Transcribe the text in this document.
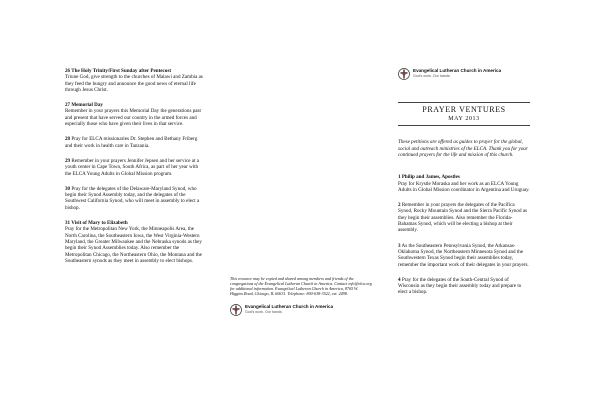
26 The Holy Trinity/First Sunday after Pentecost
Triune God, give strength to the churches of Malawi and Zambia as they feed the hungry and announce the good news of eternal life through Jesus Christ.
27 Memorial Day
Remember in your prayers this Memorial Day the generations past and present that have served our country in the armed forces and especially those who have given their lives in that service.
28 Pray for ELCA missionaries Dr. Stephen and Bethany Friberg and their work in health care in Tanzania.
29 Remember in your prayers Jennifer Jepsen and her service at a youth center in Cape Town, South Africa, as part of her year with the ELCA Young Adults in Global Mission program.
30 Pray for the delegates of the Delaware-Maryland Synod, who begin their Synod Assembly today, and the delegates of the Southwest California Synod, who will meet in assembly to elect a bishop.
31 Visit of Mary to Elizabeth
Pray for the Metropolitan New York, the Minneapolis Area, the North Carolina, the Southeastern Iowa, the West Virginia-Western Maryland, the Greater Milwaukee and the Nebraska synods as they begin their Synod Assemblies today. Also remember the Metropolitan Chicago, the Northeastern Ohio, the Montana and the Southeastern synods as they meet in assembly to elect bishops.
This resource may be copied and shared among members and friends of the congregations of the Evangelical Lutheran Church in America. Contact info@elca.org for additional information. Evangelical Lutheran Church in America, 8765 W. Higgins Road, Chicago, IL 60631. Telephone: 800-638-3522, ext. 2498.
Evangelical Lutheran Church in America
God's work. Our hands.
Evangelical Lutheran Church in America
God's work. Our hands.
PRAYER VENTURES
MAY 2013
These petitions are offered as guides to prayer for the global, social and outreach ministries of the ELCA. Thank you for your continued prayers for the life and mission of this church.
1 Philip and James, Apostles
Pray for Krystle Moraska and her work as an ELCA Young Adults in Global Mission coordinator in Argentina and Uruguay.
2 Remember in your prayers the delegates of the Pacifica Synod, Rocky Mountain Synod and the Sierra Pacific Synod as they begin their assemblies. Also remember the Florida-Bahamas Synod, which will be electing a bishop at their assembly.
3 As the Southeastern Pennsylvania Synod, the Arkansas-Oklahoma Synod, the Northeastern Minnesota Synod and the Southwestern Texas Synod begin their assemblies today, remember the important work of their delegates in your prayers.
4 Pray for the delegates of the South-Central Synod of Wisconsin as they begin their assembly today and prepare to elect a bishop.
